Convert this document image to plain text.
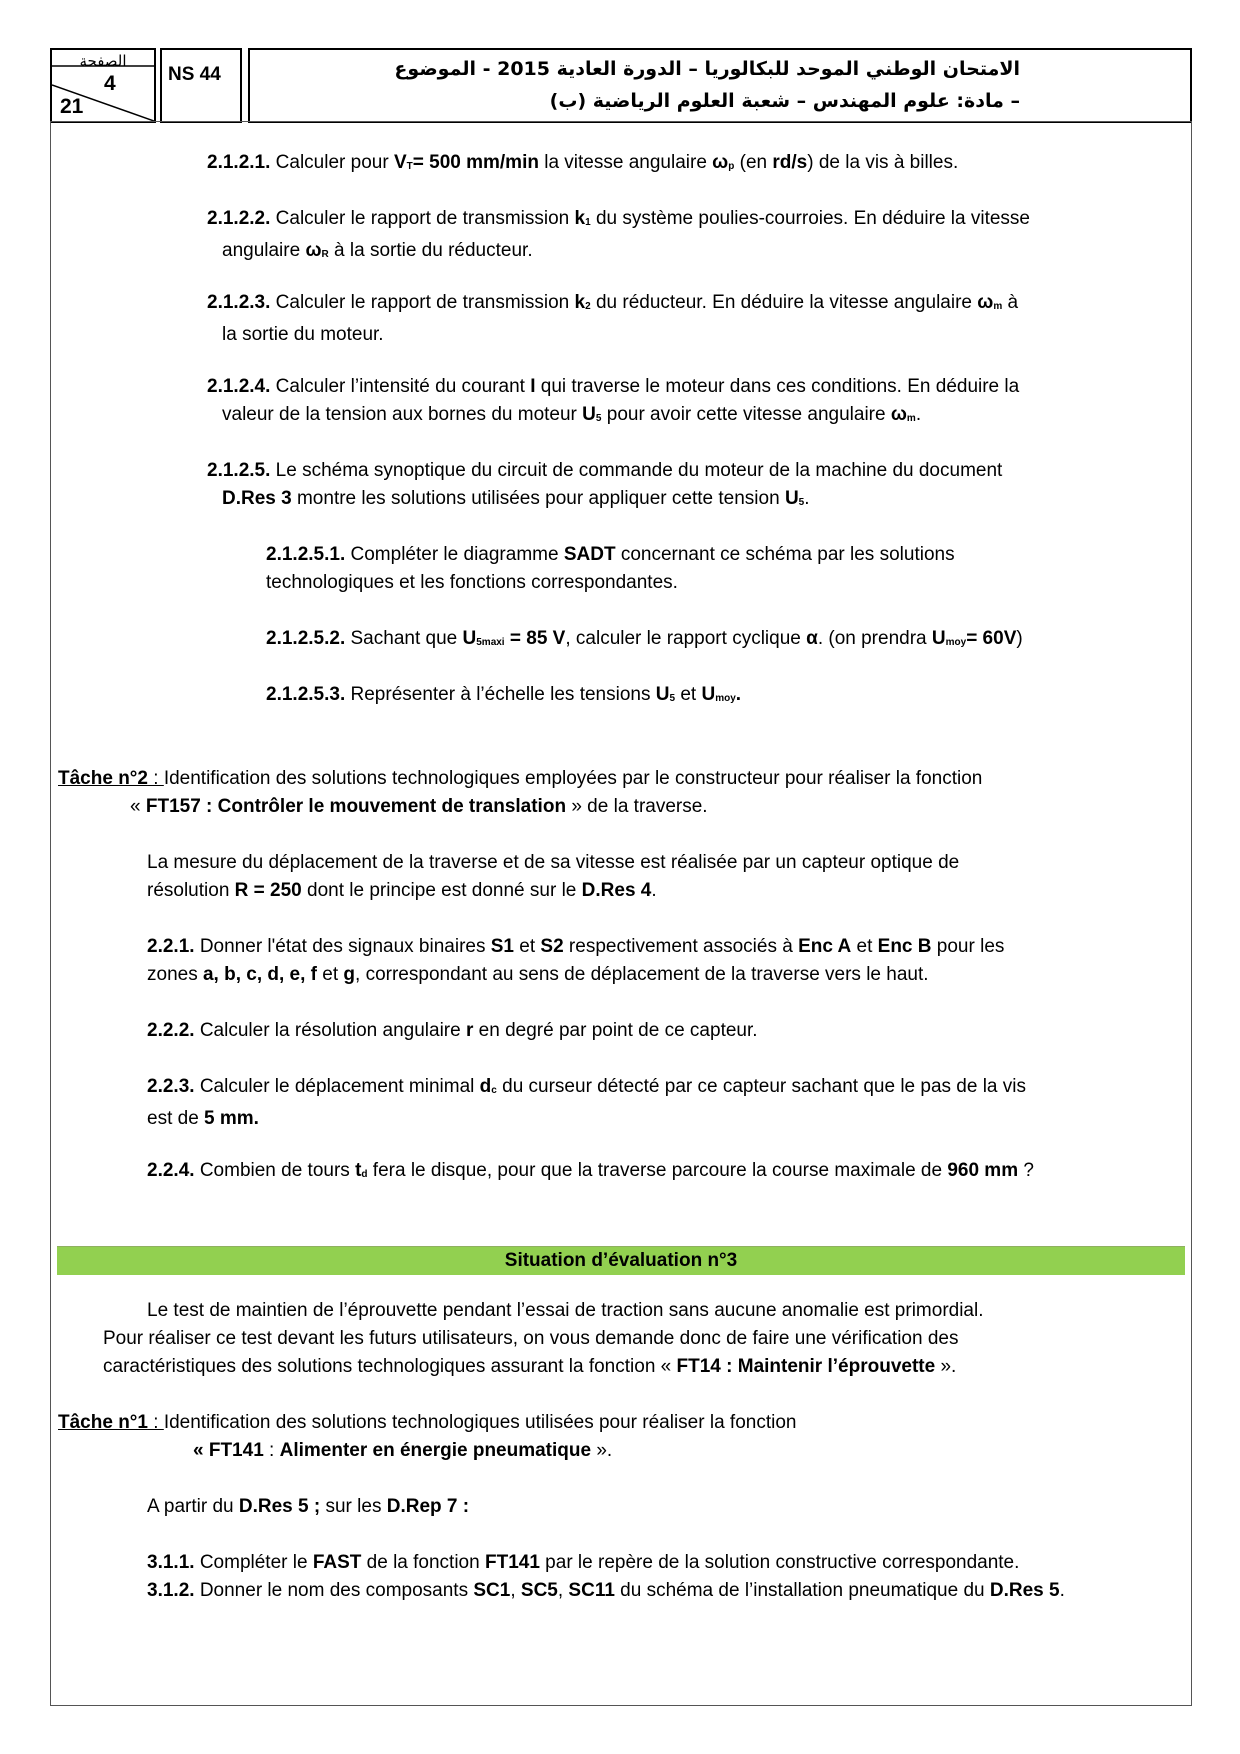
الصفحة
4
21
NS 44	الامتحان الوطني الموحد للبكالوريا – الدورة العادية 2015 - الموضوع
– مادة: علوم المهندس – شعبة العلوم الرياضية (ب)
2.1.2.1. Calculer pour VT= 500 mm/min la vitesse angulaire ωp (en rd/s) de la vis à billes.
2.1.2.2. Calculer le rapport de transmission k1 du système poulies-courroies. En déduire la vitesse
angulaire ωR à la sortie du réducteur.
2.1.2.3. Calculer le rapport de transmission k2 du réducteur. En déduire la vitesse angulaire ωm à
la sortie du moteur.
2.1.2.4. Calculer l’intensité du courant I qui traverse le moteur dans ces conditions. En déduire la
valeur de la tension aux bornes du moteur U5 pour avoir cette vitesse angulaire ωm.
2.1.2.5. Le schéma synoptique du circuit de commande du moteur de la machine du document
D.Res 3 montre les solutions utilisées pour appliquer cette tension U5.
2.1.2.5.1. Compléter le diagramme SADT concernant ce schéma par les solutions
technologiques et les fonctions correspondantes.
2.1.2.5.2. Sachant que U5maxi = 85 V, calculer le rapport cyclique α. (on prendra Umoy= 60V)
2.1.2.5.3. Représenter à l’échelle les tensions U5 et Umoy.
Tâche n°2 : Identification des solutions technologiques employées par le constructeur pour réaliser la fonction
« FT157 : Contrôler le mouvement de translation » de la traverse.
La mesure du déplacement de la traverse et de sa vitesse est réalisée par un capteur optique de
résolution R = 250 dont le principe est donné sur le D.Res 4.
2.2.1. Donner l'état des signaux binaires S1 et S2 respectivement associés à Enc A et Enc B pour les
zones a, b, c, d, e, f et g, correspondant au sens de déplacement de la traverse vers le haut.
2.2.2. Calculer la résolution angulaire r en degré par point de ce capteur.
2.2.3. Calculer le déplacement minimal dc du curseur détecté par ce capteur sachant que le pas de la vis
est de 5 mm.
2.2.4. Combien de tours td fera le disque, pour que la traverse parcoure la course maximale de 960 mm ?
Situation d’évaluation n°3
Le test de maintien de l’éprouvette pendant l’essai de traction sans aucune anomalie est primordial.
Pour réaliser ce test devant les futurs utilisateurs, on vous demande donc de faire une vérification des
caractéristiques des solutions technologiques assurant la fonction « FT14 : Maintenir l’éprouvette ».
Tâche n°1 : Identification des solutions technologiques utilisées pour réaliser la fonction
« FT141 : Alimenter en énergie pneumatique ».
A partir du D.Res 5 ; sur les D.Rep 7 :
3.1.1. Compléter le FAST de la fonction FT141 par le repère de la solution constructive correspondante.
3.1.2. Donner le nom des composants SC1, SC5, SC11 du schéma de l’installation pneumatique du D.Res 5.
